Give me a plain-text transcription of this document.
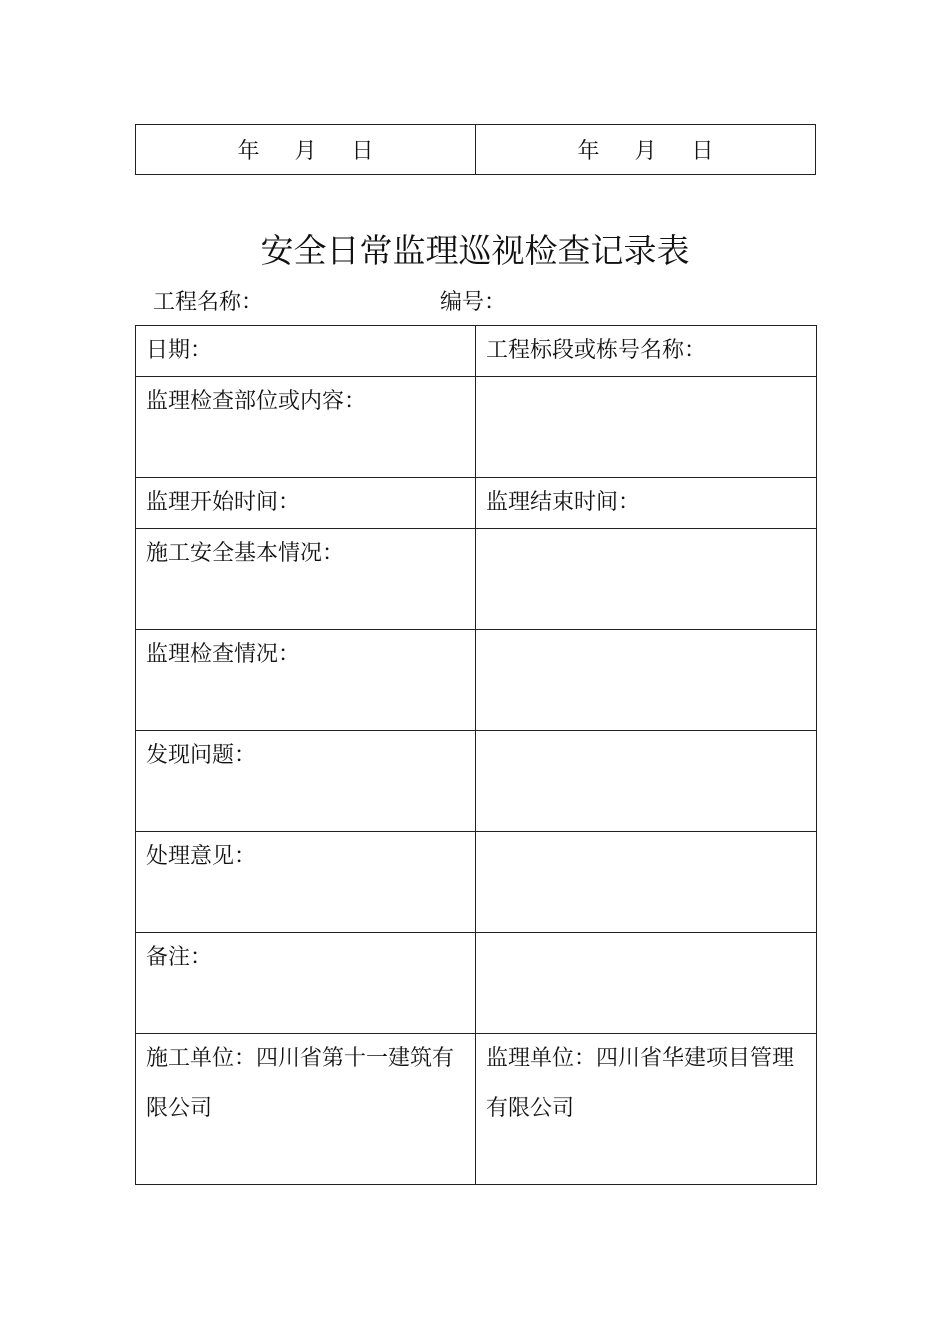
年 月 日	年 月 日
安全日常监理巡视检查记录表
工程名称：	编号：
日期：	工程标段或栋号名称：
监理检查部位或内容：	
监理开始时间：	监理结束时间：
施工安全基本情况：	
监理检查情况：	
发现问题：	
处理意见：	
备注：	

施工单位：四川省第十一建筑有限公司	监理单位：四川省华建项目管理有限公司
